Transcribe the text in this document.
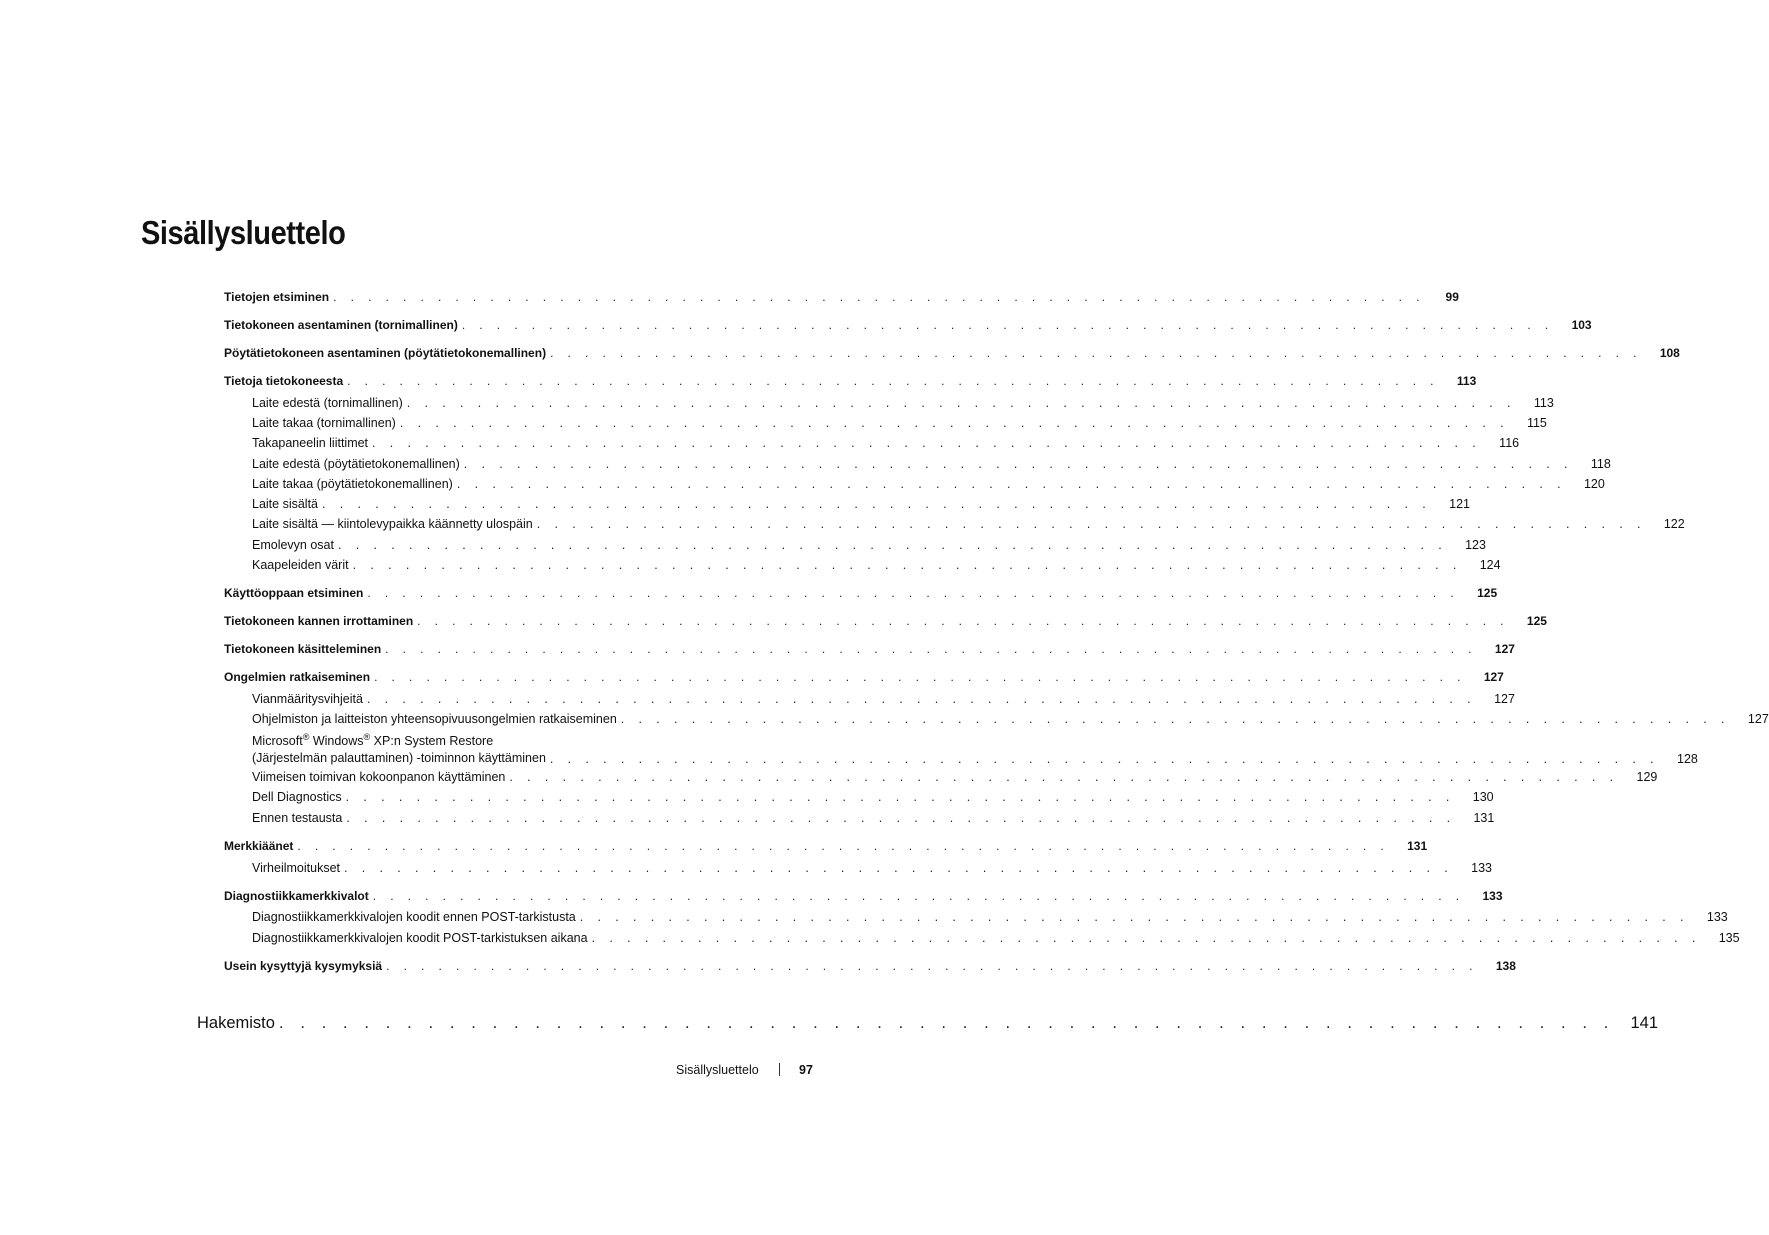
Sisällysluettelo
Tietojen etsiminen . . . . . . . . . . . . . . . . . . . . . . . . . . . . . . . . . . . . . . . . . . . . . . . . . . . . . . . . . . . . . . . 99
Tietokoneen asentaminen (tornimallinen) . . . . . . . . . . . . . . . . . . . . . . . . . . . . . . . . . . . . . . . . . . . . . . . . . . . . . . . . . . . . . . . 103
Pöytätietokoneen asentaminen (pöytätietokonemallinen) . . . . . . . . . . . . . . . . . . . . . . . . . . . . . . . . . . . . . . . . . . . . . . . . . . . . . . . . . . . . . . . 108
Tietoja tietokoneesta . . . . . . . . . . . . . . . . . . . . . . . . . . . . . . . . . . . . . . . . . . . . . . . . . . . . . . . . . . . . . . . 113
Laite edestä (tornimallinen) . . . . . . . . . . . . . . . . . . . . . . . . . . . . . . . . . . . . . . . . . . . . . . . . . . . . . . . . . . . . . . . 113
Laite takaa (tornimallinen) . . . . . . . . . . . . . . . . . . . . . . . . . . . . . . . . . . . . . . . . . . . . . . . . . . . . . . . . . . . . . . . 115
Takapaneelin liittimet . . . . . . . . . . . . . . . . . . . . . . . . . . . . . . . . . . . . . . . . . . . . . . . . . . . . . . . . . . . . . . . 116
Laite edestä (pöytätietokonemallinen) . . . . . . . . . . . . . . . . . . . . . . . . . . . . . . . . . . . . . . . . . . . . . . . . . . . . . . . . . . . . . . . 118
Laite takaa (pöytätietokonemallinen) . . . . . . . . . . . . . . . . . . . . . . . . . . . . . . . . . . . . . . . . . . . . . . . . . . . . . . . . . . . . . . . 120
Laite sisältä . . . . . . . . . . . . . . . . . . . . . . . . . . . . . . . . . . . . . . . . . . . . . . . . . . . . . . . . . . . . . . . 121
Laite sisältä — kiintolevypaikka käännetty ulospäin . . . . . . . . . . . . . . . . . . . . . . . . . . . . . . . . . . . . . . . . . . . . . . . . . . . . . . . . . . . . . . . 122
Emolevyn osat . . . . . . . . . . . . . . . . . . . . . . . . . . . . . . . . . . . . . . . . . . . . . . . . . . . . . . . . . . . . . . . 123
Kaapeleiden värit . . . . . . . . . . . . . . . . . . . . . . . . . . . . . . . . . . . . . . . . . . . . . . . . . . . . . . . . . . . . . . . 124
Käyttöoppaan etsiminen . . . . . . . . . . . . . . . . . . . . . . . . . . . . . . . . . . . . . . . . . . . . . . . . . . . . . . . . . . . . . . . 125
Tietokoneen kannen irrottaminen . . . . . . . . . . . . . . . . . . . . . . . . . . . . . . . . . . . . . . . . . . . . . . . . . . . . . . . . . . . . . . . 125
Tietokoneen käsitteleminen . . . . . . . . . . . . . . . . . . . . . . . . . . . . . . . . . . . . . . . . . . . . . . . . . . . . . . . . . . . . . . . 127
Ongelmien ratkaiseminen . . . . . . . . . . . . . . . . . . . . . . . . . . . . . . . . . . . . . . . . . . . . . . . . . . . . . . . . . . . . . . . 127
Vianmääritysvihjeitä . . . . . . . . . . . . . . . . . . . . . . . . . . . . . . . . . . . . . . . . . . . . . . . . . . . . . . . . . . . . . . . 127
Ohjelmiston ja laitteiston yhteensopivuusongelmien ratkaiseminen . . . . . . . . . . . . . . . . . . . . . . . . . . . . . . . . . . . . . . . . . . . . . . . . . . . . . . . . . . . . . . . 127
Microsoft® Windows® XP:n System Restore
(Järjestelmän palauttaminen) -toiminnon käyttäminen . . . . . . . . . . . . . . . . . . . . . . . . . . . . . . . . . . . . . . . . . . . . . . . . . . . . . . . . . . . . . . . 128
Viimeisen toimivan kokoonpanon käyttäminen . . . . . . . . . . . . . . . . . . . . . . . . . . . . . . . . . . . . . . . . . . . . . . . . . . . . . . . . . . . . . . . 129
Dell Diagnostics . . . . . . . . . . . . . . . . . . . . . . . . . . . . . . . . . . . . . . . . . . . . . . . . . . . . . . . . . . . . . . . 130
Ennen testausta . . . . . . . . . . . . . . . . . . . . . . . . . . . . . . . . . . . . . . . . . . . . . . . . . . . . . . . . . . . . . . . 131
Merkkiäänet . . . . . . . . . . . . . . . . . . . . . . . . . . . . . . . . . . . . . . . . . . . . . . . . . . . . . . . . . . . . . . . 131
Virheilmoitukset . . . . . . . . . . . . . . . . . . . . . . . . . . . . . . . . . . . . . . . . . . . . . . . . . . . . . . . . . . . . . . . 133
Diagnostiikkamerkkivalot . . . . . . . . . . . . . . . . . . . . . . . . . . . . . . . . . . . . . . . . . . . . . . . . . . . . . . . . . . . . . . . 133
Diagnostiikkamerkkivalojen koodit ennen POST-tarkistusta . . . . . . . . . . . . . . . . . . . . . . . . . . . . . . . . . . . . . . . . . . . . . . . . . . . . . . . . . . . . . . . 133
Diagnostiikkamerkkivalojen koodit POST-tarkistuksen aikana . . . . . . . . . . . . . . . . . . . . . . . . . . . . . . . . . . . . . . . . . . . . . . . . . . . . . . . . . . . . . . . 135
Usein kysyttyjä kysymyksiä . . . . . . . . . . . . . . . . . . . . . . . . . . . . . . . . . . . . . . . . . . . . . . . . . . . . . . . . . . . . . . . 138
Hakemisto . . . . . . . . . . . . . . . . . . . . . . . . . . . . . . . . . . . . . . . . . . . . . . . . . . . . . . . . . . . . . . . 141
Sisällysluettelo	97
